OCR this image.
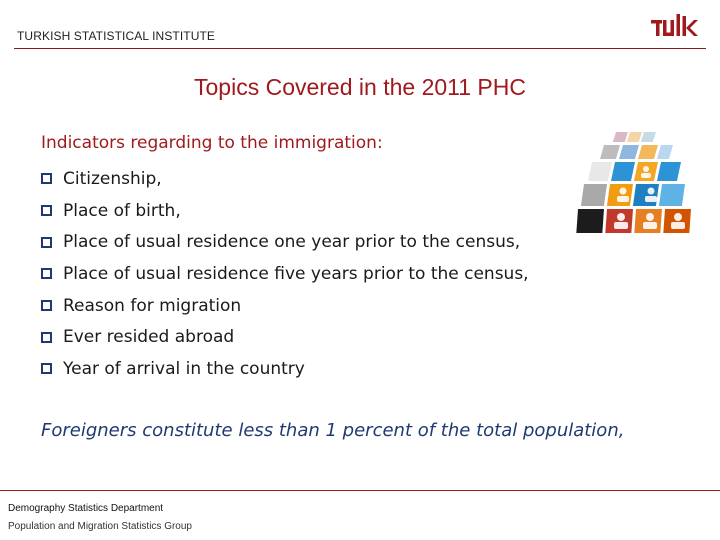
TURKISH STATISTICAL INSTITUTE
Topics Covered in the 2011 PHC
Indicators regarding to the immigration:
Citizenship,
Place of birth,
Place of usual residence one year prior to the census,
Place of usual residence five years prior to the census,
Reason for migration
Ever resided abroad
Year of arrival in the country
Foreigners constitute less than 1 percent of the total population,
Demography Statistics Department
Population and Migration Statistics Group
